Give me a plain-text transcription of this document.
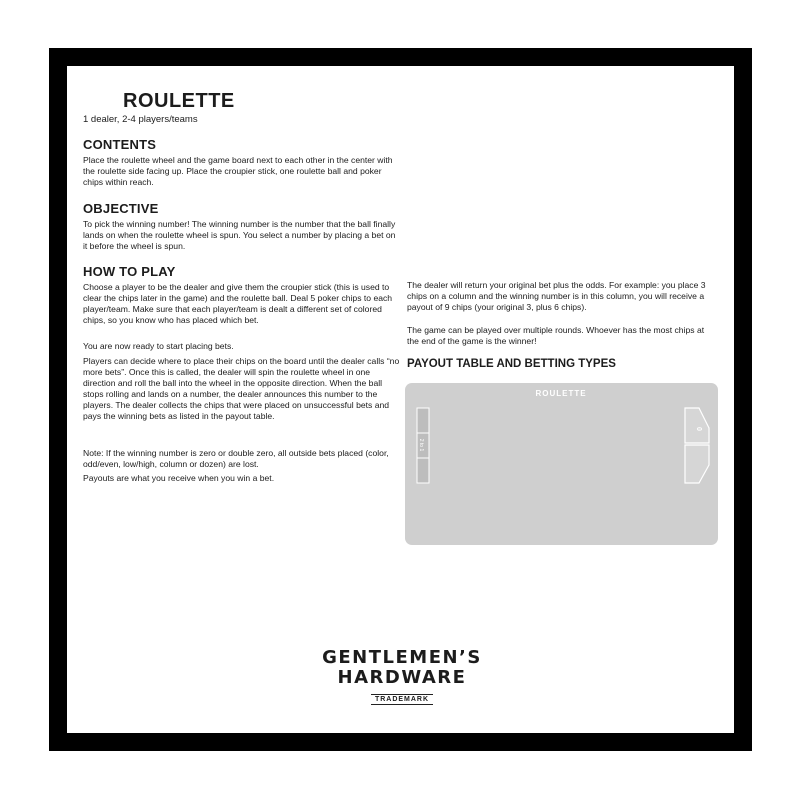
ROULETTE
1 dealer, 2-4 players/teams
CONTENTS

Place the roulette wheel and the game board next to each other in the center with the roulette side facing up. Place the croupier stick, one roulette ball and poker chips within reach.

OBJECTIVE

To pick the winning number! The winning number is the number that the ball finally lands on when the roulette wheel is spun. You select a number by placing a bet on it before the wheel is spun.

HOW TO PLAY

Choose a player to be the dealer and give them the croupier stick (this is used to clear the chips later in the game) and the roulette ball. Deal 5 poker chips to each player/team. Make sure that each player/team is dealt a different set of colored chips, so you know who has placed which bet.

You are now ready to start placing bets.

Players can decide where to place their chips on the board until the dealer calls “no more bets”. Once this is called, the dealer will spin the roulette wheel in one direction and roll the ball into the wheel in the opposite direction. When the ball stops rolling and lands on a number, the dealer announces this number to the players. The dealer collects the chips that were placed on unsuccessful bets and pays the winning bets as listed in the payout table.

Note: If the winning number is zero or double zero, all outside bets placed (color, odd/even, low/high, column or dozen) are lost.

Payouts are what you receive when you win a bet.

The dealer will return your original bet plus the odds. For example: you place 3 chips on a column and the winning number is in this column, you will receive a payout of 9 chips (your original 3, plus 6 chips).

The game can be played over multiple rounds. Whoever has the most chips at the end of the game is the winner!

PAYOUT TABLE AND BETTING TYPES
ROULETTE
0
2 to 1
GENTLEMEN’S
HARDWARE
TRADEMARK
